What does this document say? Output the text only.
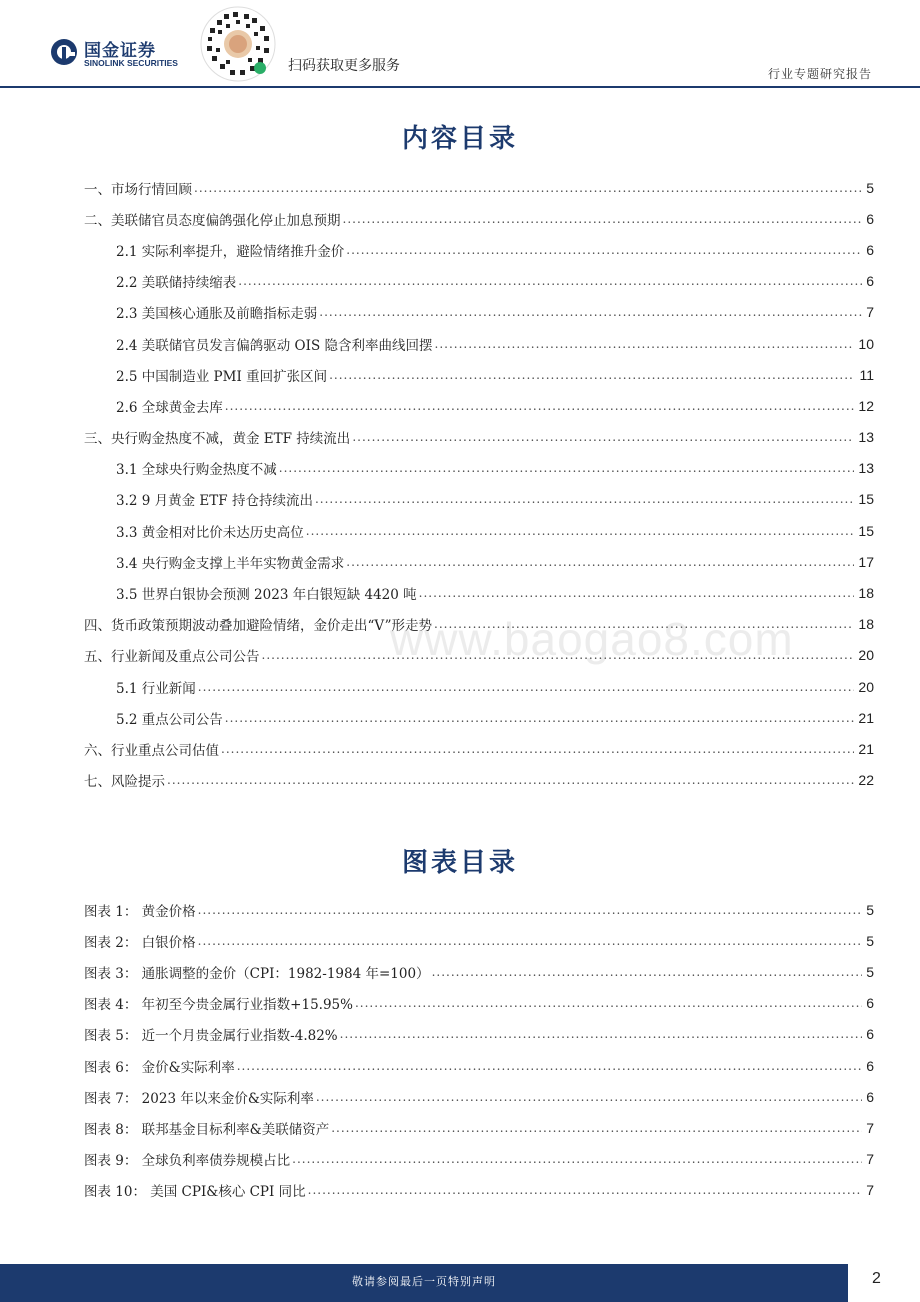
国金证券
SINOLINK SECURITIES	扫码获取更多服务	行业专题研究报告
内容目录
一、市场行情回顾 .....	5
二、美联储官员态度偏鸽强化停止加息预期 .....	6
2.1 实际利率提升，避险情绪推升金价 .....	6
2.2 美联储持续缩表 .....	6
2.3 美国核心通胀及前瞻指标走弱 .....	7
2.4 美联储官员发言偏鸽驱动 OIS 隐含利率曲线回摆 .....	10
2.5 中国制造业 PMI 重回扩张区间 .....	11
2.6 全球黄金去库 .....	12
三、央行购金热度不减，黄金 ETF 持续流出 .....	13
3.1 全球央行购金热度不减 .....	13
3.2 9 月黄金 ETF 持仓持续流出 .....	15
3.3 黄金相对比价未达历史高位 .....	15
3.4 央行购金支撑上半年实物黄金需求 .....	17
3.5 世界白银协会预测 2023 年白银短缺 4420 吨 .....	18
四、货币政策预期波动叠加避险情绪，金价走出“V”形走势 .....	18
五、行业新闻及重点公司公告 .....	20
5.1 行业新闻 .....	20
5.2 重点公司公告 .....	21
六、行业重点公司估值 .....	21
七、风险提示 .....	22
www.baogao8.com
图表目录
图表 1： 黄金价格 .....	5
图表 2： 白银价格 .....	5
图表 3： 通胀调整的金价（CPI：1982-1984 年=100） .....	5
图表 4： 年初至今贵金属行业指数+15.95% .....	6
图表 5： 近一个月贵金属行业指数-4.82% .....	6
图表 6： 金价&实际利率 .....	6
图表 7： 2023 年以来金价&实际利率 .....	6
图表 8： 联邦基金目标利率&美联储资产 .....	7
图表 9： 全球负利率债券规模占比 .....	7
图表 10： 美国 CPI&核心 CPI 同比 .....	7
敬请参阅最后一页特别声明	2
